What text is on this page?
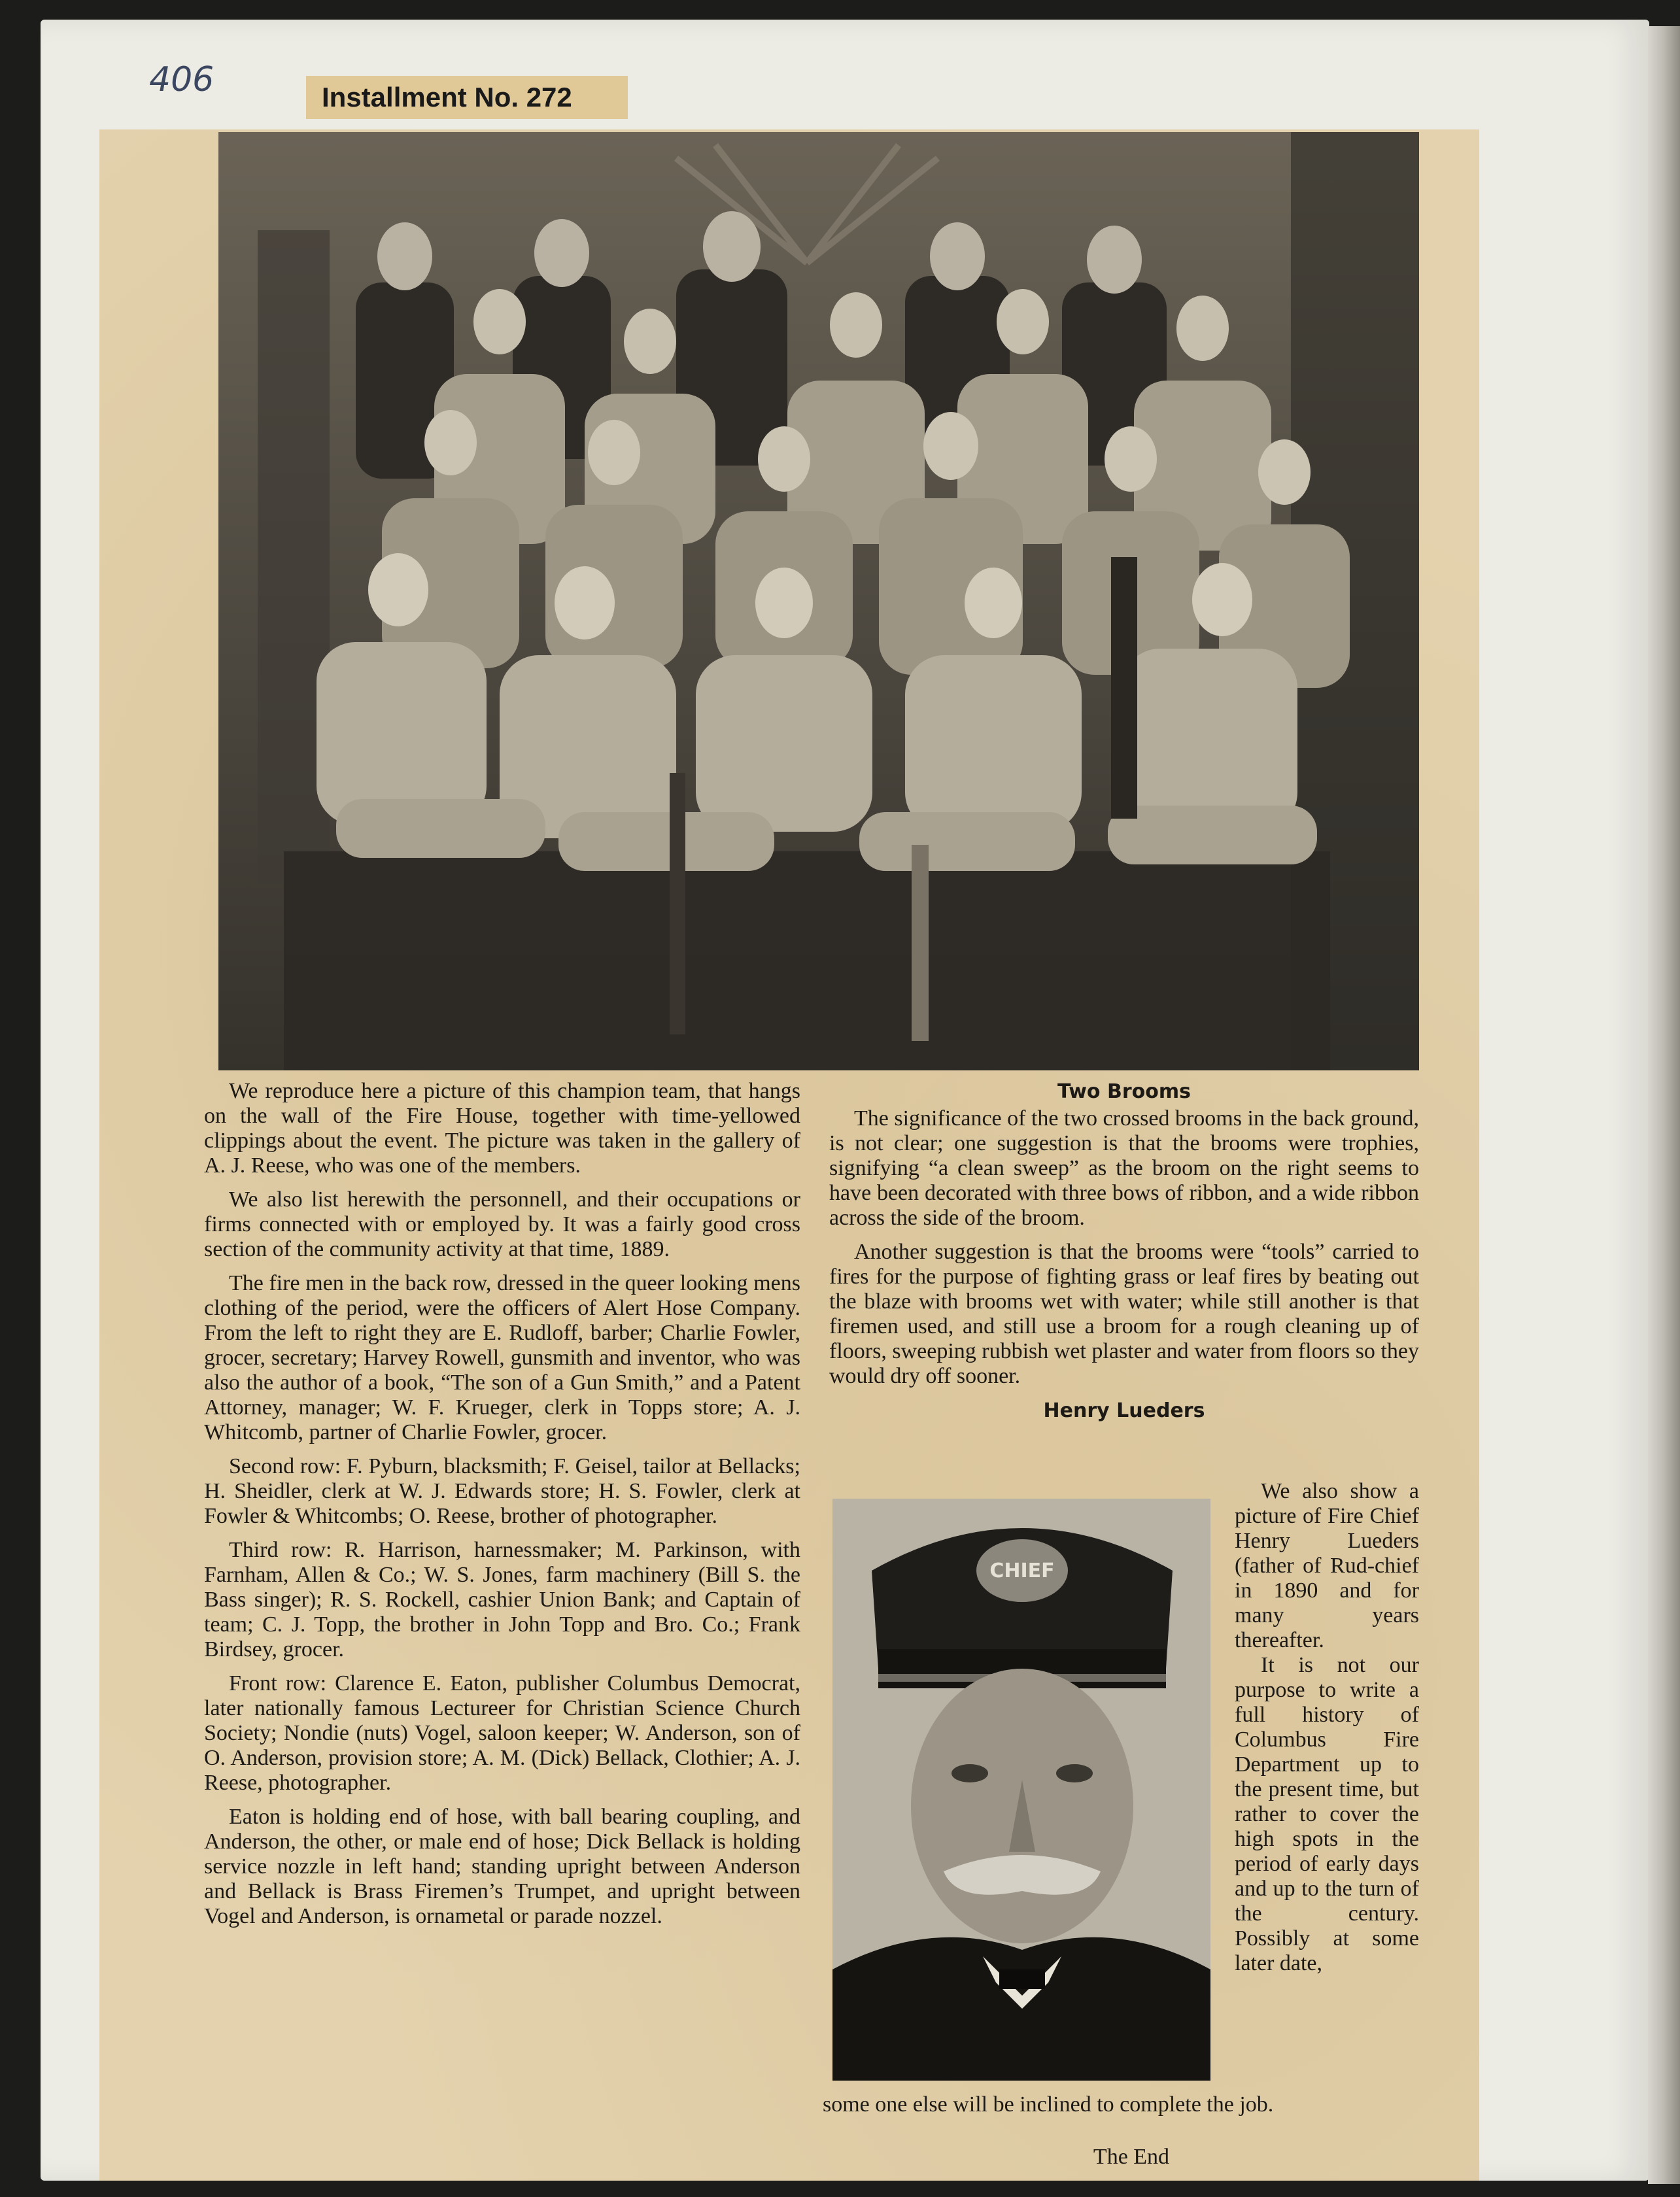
406	Installment No. 272

We reproduce here a picture of this champion team, that hangs on the wall of the Fire House, together with time-yellowed clippings about the event. The picture was taken in the gallery of A. J. Reese, who was one of the members.

We also list herewith the personnell, and their occupations or firms connected with or employed by. It was a fairly good cross section of the community activity at that time, 1889.

The fire men in the back row, dressed in the queer looking mens clothing of the period, were the officers of Alert Hose Company. From the left to right they are E. Rudloff, barber; Charlie Fowler, grocer, secretary; Harvey Rowell, gunsmith and inventor, who was also the author of a book, “The son of a Gun Smith,” and a Patent Attorney, manager; W. F. Krueger, clerk in Topps store; A. J. Whitcomb, partner of Charlie Fowler, grocer.

Second row: F. Pyburn, blacksmith; F. Geisel, tailor at Bellacks; H. Sheidler, clerk at W. J. Edwards store; H. S. Fowler, clerk at Fowler & Whitcombs; O. Reese, brother of photographer.

Third row: R. Harrison, harnessmaker; M. Parkinson, with Farnham, Allen & Co.; W. S. Jones, farm machinery (Bill S. the Bass singer); R. S. Rockell, cashier Union Bank; and Captain of team; C. J. Topp, the brother in John Topp and Bro. Co.; Frank Birdsey, grocer.

Front row: Clarence E. Eaton, publisher Columbus Democrat, later nationally famous Lectureer for Christian Science Church Society; Nondie (nuts) Vogel, saloon keeper; W. Anderson, son of O. Anderson, provision store; A. M. (Dick) Bellack, Clothier; A. J. Reese, photographer.

Eaton is holding end of hose, with ball bearing coupling, and Anderson, the other, or male end of hose; Dick Bellack is holding service nozzle in left hand; standing upright between Anderson and Bellack is Brass Firemen’s Trumpet, and upright between Vogel and Anderson, is ornametal or parade nozzel.

Two Brooms

The significance of the two crossed brooms in the back ground, is not clear; one suggestion is that the brooms were trophies, signifying “a clean sweep” as the broom on the right seems to have been decorated with three bows of ribbon, and a wide ribbon across the side of the broom.

Another suggestion is that the brooms were “tools” carried to fires for the purpose of fighting grass or leaf fires by beating out the blaze with brooms wet with water; while still another is that firemen used, and still use a broom for a rough cleaning up of floors, sweeping rubbish wet plaster and water from floors so they would dry off sooner.

Henry Lueders
CHIEF

We also show a picture of Fire Chief Henry Lueders (father of Rud-chief in 1890 and for many years thereafter.

It is not our purpose to write a full history of Columbus Fire Department up to the present time, but rather to cover the high spots in the period of early days and up to the turn of the century. Possibly at some later date,

some one else will be inclined to complete the job.
The End
